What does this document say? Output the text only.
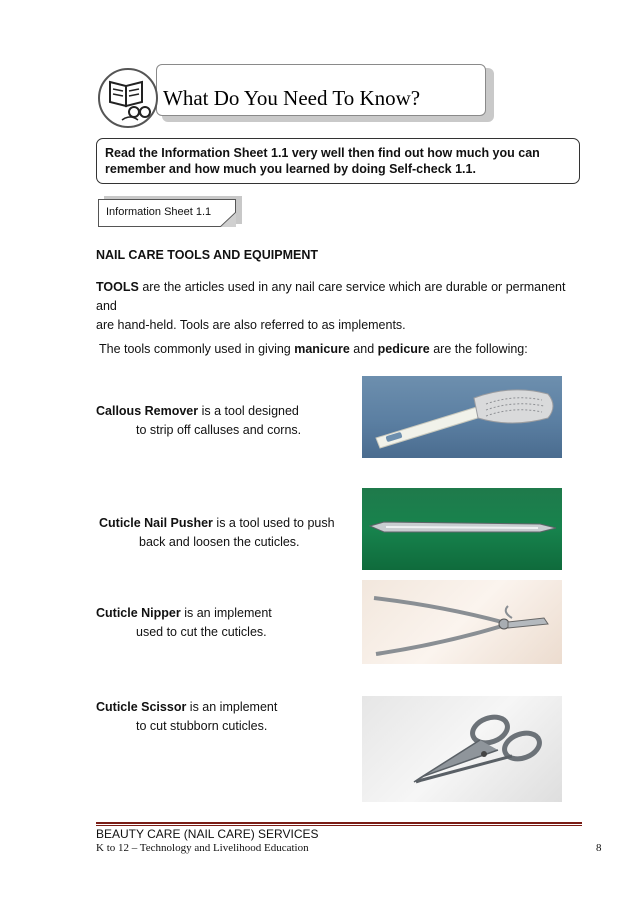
What Do You Need To Know?
Read the Information Sheet 1.1 very well then find out how much you can
remember and how much you learned by doing Self-check 1.1.
Information Sheet 1.1
NAIL CARE TOOLS AND EQUIPMENT
TOOLS are the articles used in any nail care service which are durable or permanent and
are hand-held. Tools are also referred to as implements.
The tools commonly used in giving manicure and pedicure are the following:
Callous Remover is a tool designed
to strip off calluses and corns.
Cuticle Nail Pusher is a tool used to push
back and loosen the cuticles.
Cuticle Nipper is an implement
used to cut the cuticles.
Cuticle Scissor is an implement
to cut stubborn cuticles.
BEAUTY CARE (NAIL CARE) SERVICES
K to 12 – Technology and Livelihood Education	8
